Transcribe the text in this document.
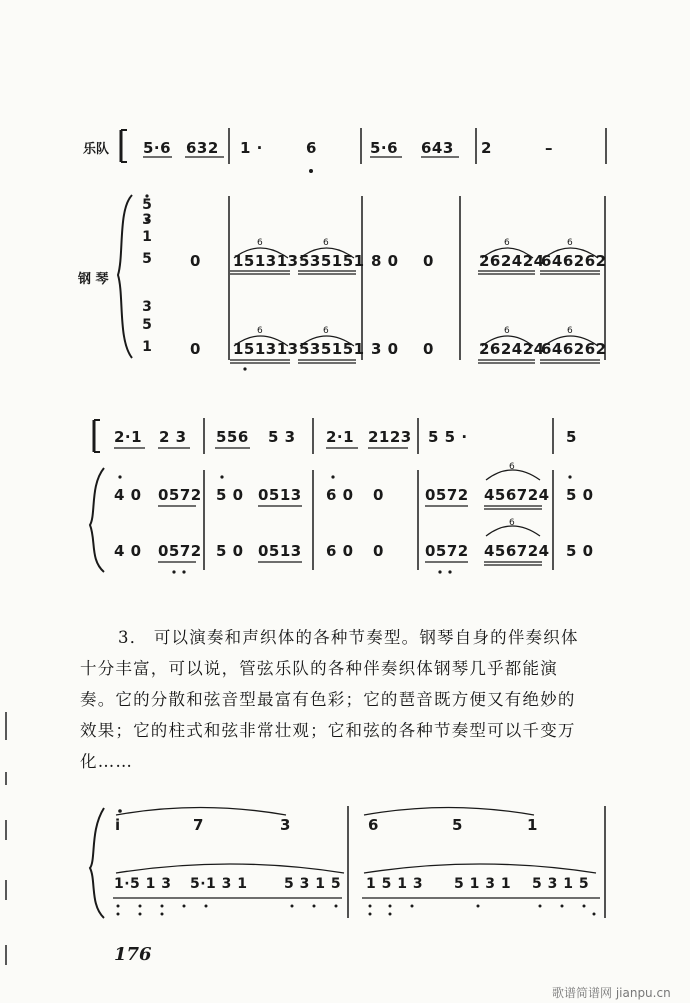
乐队
钢 琴
5·6 632 1 ·	6	5·6 643 2	–
5
3
1
5	0 151313 535151 8 0 0	262424
646262
3
5
1	0 151313 535151 3 0 0	262424
646262
6	6	6	6
6	6	6	6
2·1 2 3 556 5 3 2·1 2123 5 5 ·	5
4 0 0572 5 0 0513 6 0 0	0572 456724 5 0
4 0 0572 5 0 0513 6 0 0	0572 456724 5 0
6
6
3． 可以演奏和声织体的各种节奏型。钢琴自身的伴奏织体
十分丰富，可以说，管弦乐队的各种伴奏织体钢琴几乎都能演
奏。它的分散和弦音型最富有色彩；它的琶音既方便又有绝妙的
效果；它的柱式和弦非常壮观；它和弦的各种节奏型可以千变万
化……
i	7	3	6	5	1
1·5 1 3 5·1 3 1	5 3 1 5 1 5 1 3 5 1 3 1 5 3 1 5
176
歌谱简谱网 jianpu.cn
